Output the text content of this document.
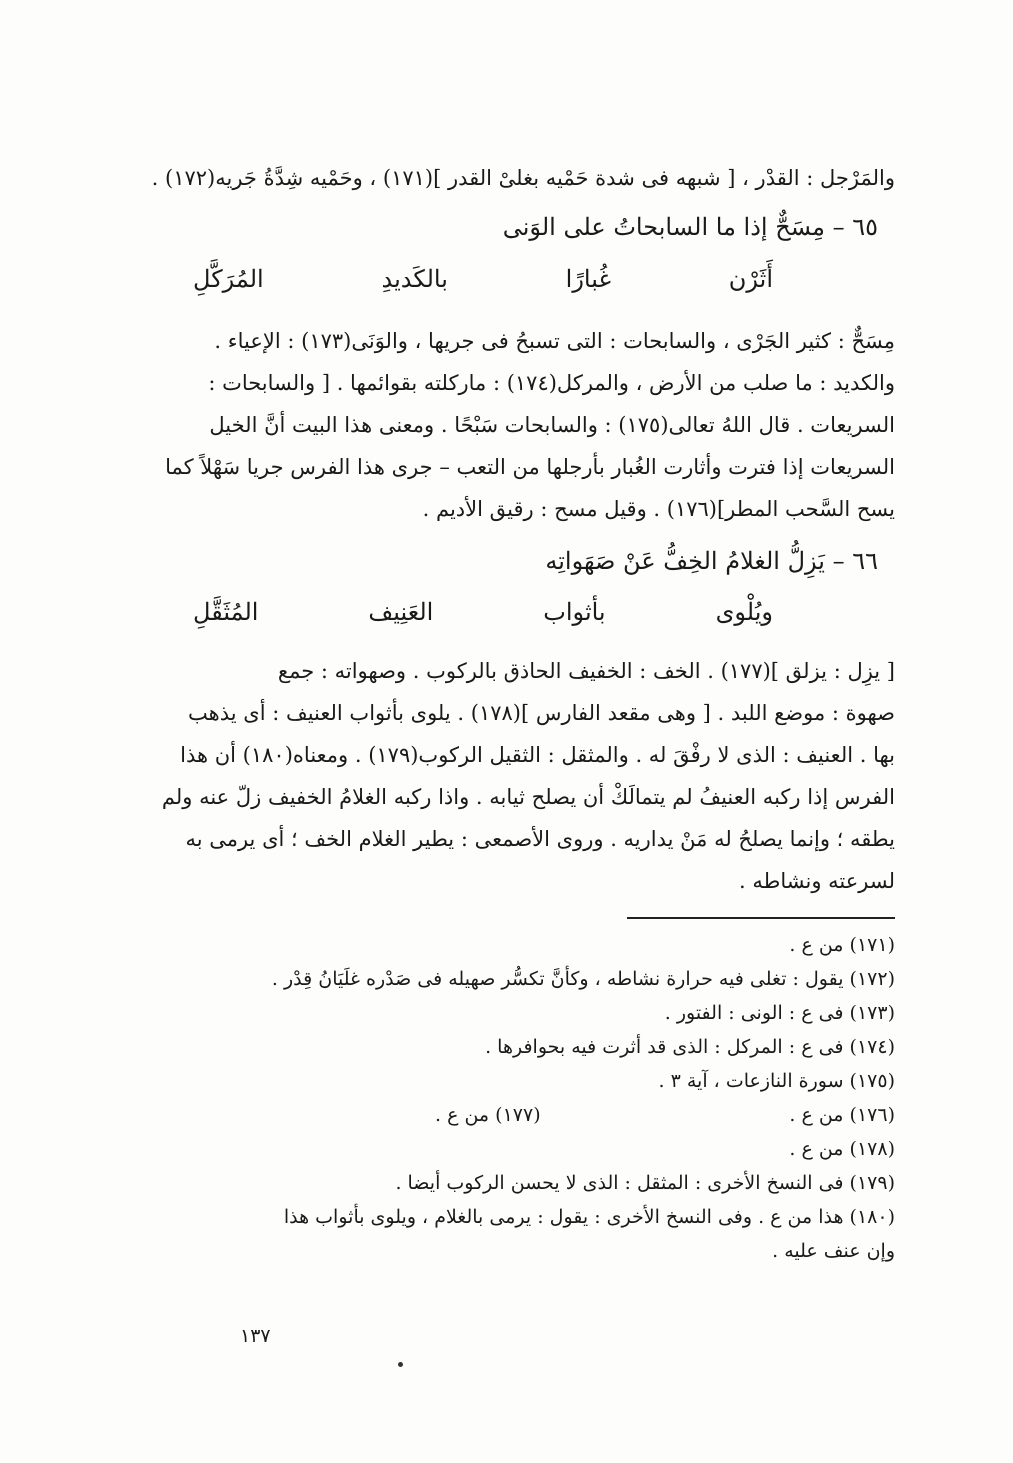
والمَرْجل : القدْر ، [ شبهه فى شدة حَمْيه بغلىْ القدر ](١٧١) ، وحَمْيه شِدَّةُ جَريه(١٧٢) .
٦٥ – مِسَحٌّ إذا ما السابحاتُ على الوَنى
أَثَرْن
غُبارًا
بالكَديدِ
المُرَكَّلِ
مِسَحٌّ : كثير الجَرْى ، والسابحات : التى تسبحُ فى جريها ، والوَنَى(١٧٣) : الإعياء .
والكديد : ما صلب من الأرض ، والمركل(١٧٤) : ماركلته بقوائمها . [ والسابحات :
السريعات . قال اللهُ تعالى(١٧٥) : والسابحات سَبْحًا . ومعنى هذا البيت أنَّ الخيل
السريعات إذا فترت وأثارت الغُبار بأرجلها من التعب – جرى هذا الفرس جريا سَهْلاً كما
يسح السَّحب المطر](١٧٦) . وقيل مسح : رقيق الأديم .
٦٦ – يَزِلُّ الغلامُ الخِفُّ عَنْ صَهَواتِه
ويُلْوى
بأثواب
العَنِيف
المُثَقَّلِ
[ يزِل : يزلق ](١٧٧) . الخف : الخفيف الحاذق بالركوب . وصهواته : جمع
صهوة : موضع اللبد . [ وهى مقعد الفارس ](١٧٨) . يلوى بأثواب العنيف : أى يذهب
بها . العنيف : الذى لا رفْقَ له . والمثقل : الثقيل الركوب(١٧٩) . ومعناه(١٨٠) أن هذا
الفرس إذا ركبه العنيفُ لم يتمالَكْ أن يصلح ثيابه . واذا ركبه الغلامُ الخفيف زلّ عنه ولم
يطقه ؛ وإنما يصلحُ له مَنْ يداريه . وروى الأصمعى : يطير الغلام الخف ؛ أى يرمى به
لسرعته ونشاطه .
(١٧١) من ع .
(١٧٢) يقول : تغلى فيه حرارة نشاطه ، وكأنَّ تكسُّر صهيله فى صَدْره غلَيَانُ قِدْر .
(١٧٣) فى ع : الونى : الفتور .
(١٧٤) فى ع : المركل : الذى قد أثرت فيه بحوافرها .
(١٧٥) سورة النازعات ، آية ٣ .
(١٧٦) من ع .
(١٧٧) من ع .
(١٧٨) من ع .
(١٧٩) فى النسخ الأخرى : المثقل : الذى لا يحسن الركوب أيضا .
(١٨٠) هذا من ع . وفى النسخ الأخرى : يقول : يرمى بالغلام ، ويلوى بأثواب هذا
وإن عنف عليه .
١٣٧
